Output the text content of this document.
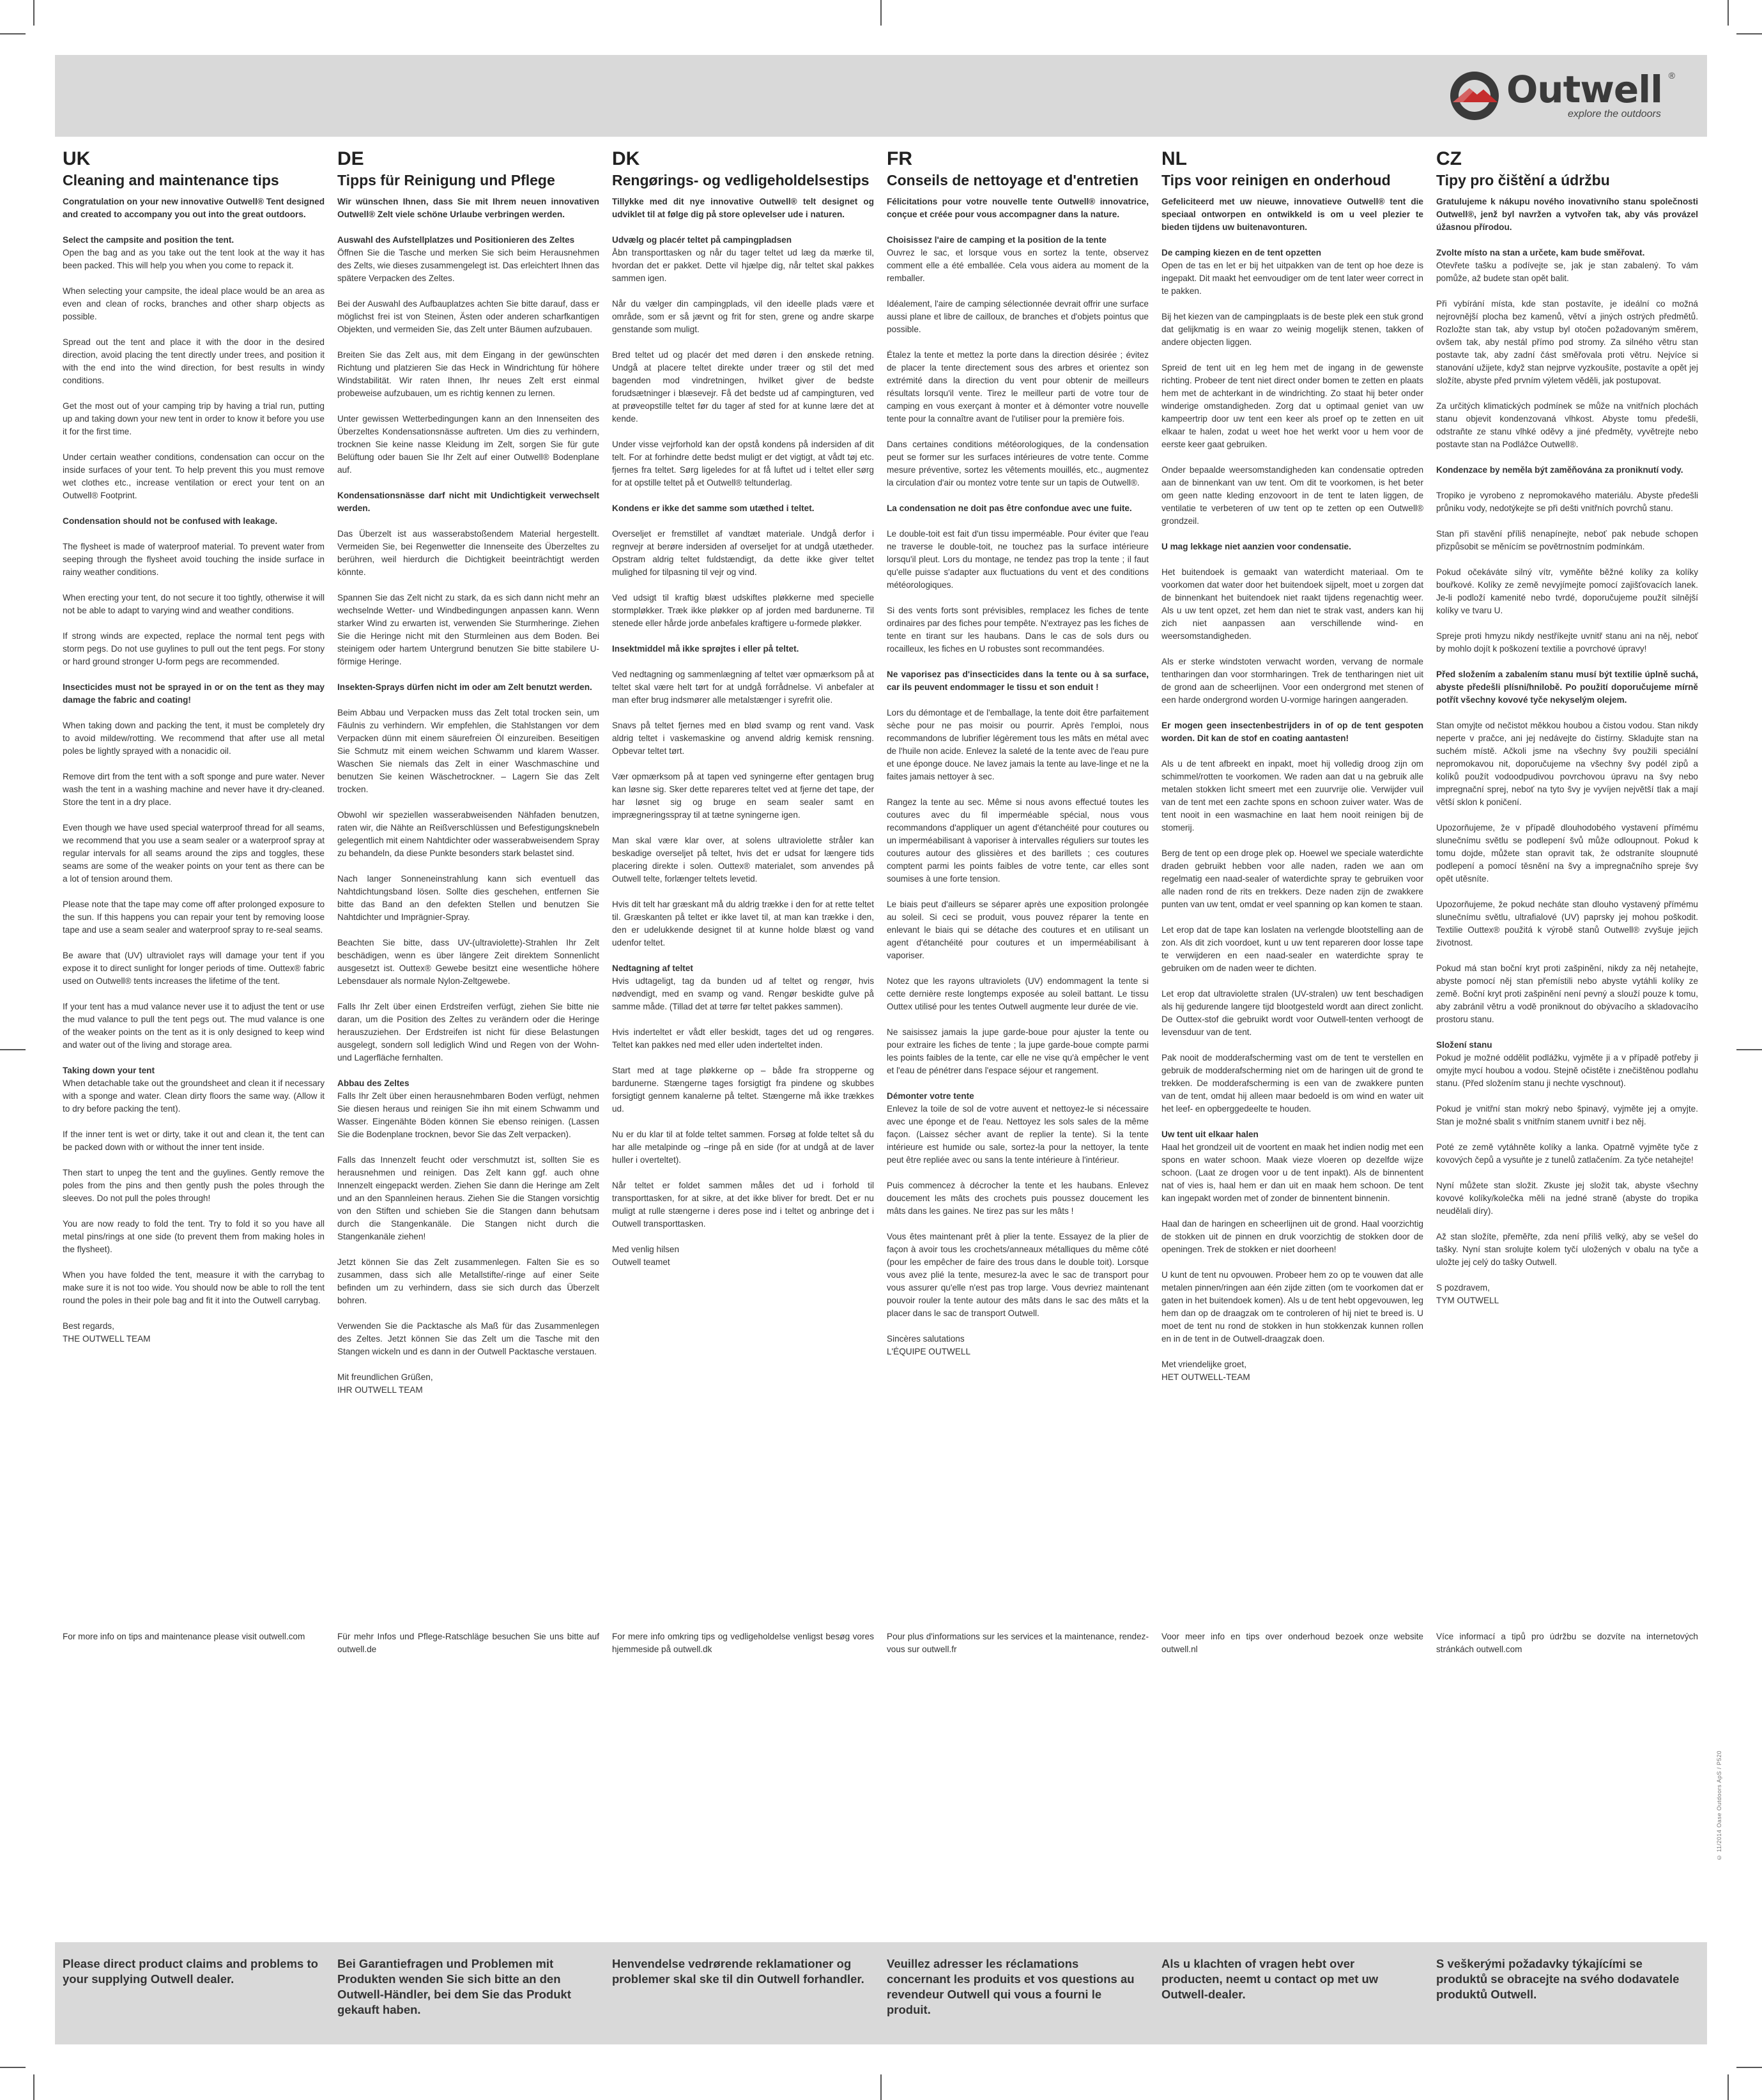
Outwell ®
explore the outdoors
UK
Cleaning and maintenance tips

Congratulation on your new innovative Outwell® Tent designed and created to accompany you out into the great outdoors.

Select the campsite and position the tent.

Open the bag and as you take out the tent look at the way it has been packed. This will help you when you come to repack it.

When selecting your campsite, the ideal place would be an area as even and clean of rocks, branches and other sharp objects as possible.

Spread out the tent and place it with the door in the desired direction, avoid placing the tent directly under trees, and position it with the end into the wind direction, for best results in windy conditions.

Get the most out of your camping trip by having a trial run, putting up and taking down your new tent in order to know it before you use it for the first time.

Under certain weather conditions, condensation can occur on the inside surfaces of your tent. To help prevent this you must remove wet clothes etc., increase ventilation or erect your tent on an Outwell® Footprint.

Condensation should not be confused with leakage.

The flysheet is made of waterproof material. To prevent water from seeping through the flysheet avoid touching the inside surface in rainy weather conditions.

When erecting your tent, do not secure it too tightly, otherwise it will not be able to adapt to varying wind and weather conditions.

If strong winds are expected, replace the normal tent pegs with storm pegs. Do not use guylines to pull out the tent pegs. For stony or hard ground stronger U-form pegs are recommended.

Insecticides must not be sprayed in or on the tent as they may damage the fabric and coating!

When taking down and packing the tent, it must be completely dry to avoid mildew/rotting. We recommend that after use all metal poles be lightly sprayed with a nonacidic oil.

Remove dirt from the tent with a soft sponge and pure water. Never wash the tent in a washing machine and never have it dry-cleaned. Store the tent in a dry place.

Even though we have used special waterproof thread for all seams, we recommend that you use a seam sealer or a waterproof spray at regular intervals for all seams around the zips and toggles, these seams are some of the weaker points on your tent as there can be a lot of tension around them.

Please note that the tape may come off after prolonged exposure to the sun. If this happens you can repair your tent by removing loose tape and use a seam sealer and waterproof spray to re-seal seams.

Be aware that (UV) ultraviolet rays will damage your tent if you expose it to direct sunlight for longer periods of time. Outtex® fabric used on Outwell® tents increases the lifetime of the tent.

If your tent has a mud valance never use it to adjust the tent or use the mud valance to pull the tent pegs out. The mud valance is one of the weaker points on the tent as it is only designed to keep wind and water out of the living and storage area.

Taking down your tent

When detachable take out the groundsheet and clean it if necessary with a sponge and water. Clean dirty floors the same way. (Allow it to dry before packing the tent).

If the inner tent is wet or dirty, take it out and clean it, the tent can be packed down with or without the inner tent inside.

Then start to unpeg the tent and the guylines. Gently remove the poles from the pins and then gently push the poles through the sleeves. Do not pull the poles through!

You are now ready to fold the tent. Try to fold it so you have all metal pins/rings at one side (to prevent them from making holes in the flysheet).

When you have folded the tent, measure it with the carrybag to make sure it is not too wide. You should now be able to roll the tent round the poles in their pole bag and fit it into the Outwell carrybag.

Best regards,
THE OUTWELL TEAM
For more info on tips and maintenance please visit outwell.com
DE
Tipps für Reinigung und Pflege

Wir wünschen Ihnen, dass Sie mit Ihrem neuen innovativen Outwell® Zelt viele schöne Urlaube verbringen werden.

Auswahl des Aufstellplatzes und Positionieren des Zeltes

Öffnen Sie die Tasche und merken Sie sich beim Herausnehmen des Zelts, wie dieses zusammengelegt ist. Das erleichtert Ihnen das spätere Verpacken des Zeltes.

Bei der Auswahl des Aufbauplatzes achten Sie bitte darauf, dass er möglichst frei ist von Steinen, Ästen oder anderen scharfkantigen Objekten, und vermeiden Sie, das Zelt unter Bäumen aufzubauen.

Breiten Sie das Zelt aus, mit dem Eingang in der gewünschten Richtung und platzieren Sie das Heck in Windrichtung für höhere Windstabilität. Wir raten Ihnen, Ihr neues Zelt erst einmal probeweise aufzubauen, um es richtig kennen zu lernen.

Unter gewissen Wetterbedingungen kann an den Innenseiten des Überzeltes Kondensationsnässe auftreten. Um dies zu verhindern, trocknen Sie keine nasse Kleidung im Zelt, sorgen Sie für gute Belüftung oder bauen Sie Ihr Zelt auf einer Outwell® Bodenplane auf.

Kondensationsnässe darf nicht mit Undichtigkeit verwechselt werden.

Das Überzelt ist aus wasserabstoßendem Material hergestellt. Vermeiden Sie, bei Regenwetter die Innenseite des Überzeltes zu berühren, weil hierdurch die Dichtigkeit beeinträchtigt werden könnte.

Spannen Sie das Zelt nicht zu stark, da es sich dann nicht mehr an wechselnde Wetter- und Windbedingungen anpassen kann. Wenn starker Wind zu erwarten ist, verwenden Sie Sturmheringe. Ziehen Sie die Heringe nicht mit den Sturmleinen aus dem Boden. Bei steinigem oder hartem Untergrund benutzen Sie bitte stabilere U-förmige Heringe.

Insekten-Sprays dürfen nicht im oder am Zelt benutzt werden.

Beim Abbau und Verpacken muss das Zelt total trocken sein, um Fäulnis zu verhindern. Wir empfehlen, die Stahlstangen vor dem Verpacken dünn mit einem säurefreien Öl einzureiben. Beseitigen Sie Schmutz mit einem weichen Schwamm und klarem Wasser. Waschen Sie niemals das Zelt in einer Waschmaschine und benutzen Sie keinen Wäschetrockner. – Lagern Sie das Zelt trocken.

Obwohl wir speziellen wasserabweisenden Nähfaden benutzen, raten wir, die Nähte an Reißverschlüssen und Befestigungsknebeln gelegentlich mit einem Nahtdichter oder wasserabweisendem Spray zu behandeln, da diese Punkte besonders stark belastet sind.

Nach langer Sonneneinstrahlung kann sich eventuell das Nahtdichtungsband lösen. Sollte dies geschehen, entfernen Sie bitte das Band an den defekten Stellen und benutzen Sie Nahtdichter und Imprägnier-Spray.

Beachten Sie bitte, dass UV-(ultraviolette)-Strahlen Ihr Zelt beschädigen, wenn es über längere Zeit direktem Sonnenlicht ausgesetzt ist. Outtex® Gewebe besitzt eine wesentliche höhere Lebensdauer als normale Nylon-Zeltgewebe.

Falls Ihr Zelt über einen Erdstreifen verfügt, ziehen Sie bitte nie daran, um die Position des Zeltes zu verändern oder die Heringe herauszuziehen. Der Erdstreifen ist nicht für diese Belastungen ausgelegt, sondern soll lediglich Wind und Regen von der Wohn- und Lagerfläche fernhalten.

Abbau des Zeltes

Falls Ihr Zelt über einen herausnehmbaren Boden verfügt, nehmen Sie diesen heraus und reinigen Sie ihn mit einem Schwamm und Wasser. Eingenähte Böden können Sie ebenso reinigen. (Lassen Sie die Bodenplane trocknen, bevor Sie das Zelt verpacken).

Falls das Innenzelt feucht oder verschmutzt ist, sollten Sie es herausnehmen und reinigen. Das Zelt kann ggf. auch ohne Innenzelt eingepackt werden. Ziehen Sie dann die Heringe am Zelt und an den Spannleinen heraus. Ziehen Sie die Stangen vorsichtig von den Stiften und schieben Sie die Stangen dann behutsam durch die Stangenkanäle. Die Stangen nicht durch die Stangenkanäle ziehen!

Jetzt können Sie das Zelt zusammenlegen. Falten Sie es so zusammen, dass sich alle Metallstifte/-ringe auf einer Seite befinden um zu verhindern, dass sie sich durch das Überzelt bohren.

Verwenden Sie die Packtasche als Maß für das Zusammenlegen des Zeltes. Jetzt können Sie das Zelt um die Tasche mit den Stangen wickeln und es dann in der Outwell Packtasche verstauen.

Mit freundlichen Grüßen,
IHR OUTWELL TEAM
Für mehr Infos und Pflege-Ratschläge besuchen Sie uns bitte auf outwell.de
DK
Rengørings- og vedligeholdelsestips

Tillykke med dit nye innovative Outwell® telt designet og udviklet til at følge dig på store oplevelser ude i naturen.

Udvælg og placér teltet på campingpladsen

Åbn transporttasken og når du tager teltet ud læg da mærke til, hvordan det er pakket. Dette vil hjælpe dig, når teltet skal pakkes sammen igen.

Når du vælger din campingplads, vil den ideelle plads være et område, som er så jævnt og frit for sten, grene og andre skarpe genstande som muligt.

Bred teltet ud og placér det med døren i den ønskede retning. Undgå at placere teltet direkte under træer og stil det med bagenden mod vindretningen, hvilket giver de bedste forudsætninger i blæsevejr. Få det bedste ud af campingturen, ved at prøveopstille teltet før du tager af sted for at kunne lære det at kende.

Under visse vejrforhold kan der opstå kondens på indersiden af dit telt. For at forhindre dette bedst muligt er det vigtigt, at vådt tøj etc. fjernes fra teltet. Sørg ligeledes for at få luftet ud i teltet eller sørg for at opstille teltet på et Outwell® teltunderlag.

Kondens er ikke det samme som utæthed i teltet.

Overseljet er fremstillet af vandtæt materiale. Undgå derfor i regnvejr at berøre indersiden af overseljet for at undgå utætheder. Opstram aldrig teltet fuldstændigt, da dette ikke giver teltet mulighed for tilpasning til vejr og vind.

Ved udsigt til kraftig blæst udskiftes pløkkerne med specielle stormpløkker. Træk ikke pløkker op af jorden med bardunerne. Til stenede eller hårde jorde anbefales kraftigere u-formede pløkker.

Insektmiddel må ikke sprøjtes i eller på teltet.

Ved nedtagning og sammenlægning af teltet vær opmærksom på at teltet skal være helt tørt for at undgå forrådnelse. Vi anbefaler at man efter brug indsmører alle metalstænger i syrefrit olie.

Snavs på teltet fjernes med en blød svamp og rent vand. Vask aldrig teltet i vaskemaskine og anvend aldrig kemisk rensning. Opbevar teltet tørt.

Vær opmærksom på at tapen ved syningerne efter gentagen brug kan løsne sig. Sker dette repareres teltet ved at fjerne det tape, der har løsnet sig og bruge en seam sealer samt en imprægneringsspray til at tætne syningerne igen.

Man skal være klar over, at solens ultraviolette stråler kan beskadige overseljet på teltet, hvis det er udsat for længere tids placering direkte i solen. Outtex® materialet, som anvendes på Outwell telte, forlænger teltets levetid.

Hvis dit telt har græskant må du aldrig trække i den for at rette teltet til. Græskanten på teltet er ikke lavet til, at man kan trække i den, den er udelukkende designet til at kunne holde blæst og vand udenfor teltet.

Nedtagning af teltet

Hvis udtageligt, tag da bunden ud af teltet og rengør, hvis nødvendigt, med en svamp og vand. Rengør beskidte gulve på samme måde. (Tillad det at tørre før teltet pakkes sammen).

Hvis inderteltet er vådt eller beskidt, tages det ud og rengøres. Teltet kan pakkes ned med eller uden inderteltet inden.

Start med at tage pløkkerne op – både fra stropperne og bardunerne. Stængerne tages forsigtigt fra pindene og skubbes forsigtigt gennem kanalerne på teltet. Stængerne må ikke trækkes ud.

Nu er du klar til at folde teltet sammen. Forsøg at folde teltet så du har alle metalpinde og –ringe på en side (for at undgå at de laver huller i overteltet).

Når teltet er foldet sammen måles det ud i forhold til transporttasken, for at sikre, at det ikke bliver for bredt. Det er nu muligt at rulle stængerne i deres pose ind i teltet og anbringe det i Outwell transporttasken.

Med venlig hilsen
Outwell teamet
For mere info omkring tips og vedligeholdelse venligst besøg vores hjemmeside på outwell.dk
FR
Conseils de nettoyage et d'entretien

Félicitations pour votre nouvelle tente Outwell® innovatrice, conçue et créée pour vous accompagner dans la nature.

Choisissez l'aire de camping et la position de la tente

Ouvrez le sac, et lorsque vous en sortez la tente, observez comment elle a été emballée. Cela vous aidera au moment de la remballer.

Idéalement, l'aire de camping sélectionnée devrait offrir une surface aussi plane et libre de cailloux, de branches et d'objets pointus que possible.

Étalez la tente et mettez la porte dans la direction désirée ; évitez de placer la tente directement sous des arbres et orientez son extrémité dans la direction du vent pour obtenir de meilleurs résultats lorsqu'il vente. Tirez le meilleur parti de votre tour de camping en vous exerçant à monter et à démonter votre nouvelle tente pour la connaître avant de l'utiliser pour la première fois.

Dans certaines conditions météorologiques, de la condensation peut se former sur les surfaces intérieures de votre tente. Comme mesure préventive, sortez les vêtements mouillés, etc., augmentez la circulation d'air ou montez votre tente sur un tapis de Outwell®.

La condensation ne doit pas être confondue avec une fuite.

Le double-toit est fait d'un tissu imperméable. Pour éviter que l'eau ne traverse le double-toit, ne touchez pas la surface intérieure lorsqu'il pleut. Lors du montage, ne tendez pas trop la tente ; il faut qu'elle puisse s'adapter aux fluctuations du vent et des conditions météorologiques.

Si des vents forts sont prévisibles, remplacez les fiches de tente ordinaires par des fiches pour tempête. N'extrayez pas les fiches de tente en tirant sur les haubans. Dans le cas de sols durs ou rocailleux, les fiches en U robustes sont recommandées.

Ne vaporisez pas d'insecticides dans la tente ou à sa surface, car ils peuvent endommager le tissu et son enduit !

Lors du démontage et de l'emballage, la tente doit être parfaitement sèche pour ne pas moisir ou pourrir. Après l'emploi, nous recommandons de lubrifier légèrement tous les mâts en métal avec de l'huile non acide. Enlevez la saleté de la tente avec de l'eau pure et une éponge douce. Ne lavez jamais la tente au lave-linge et ne la faites jamais nettoyer à sec.

Rangez la tente au sec. Même si nous avons effectué toutes les coutures avec du fil imperméable spécial, nous vous recommandons d'appliquer un agent d'étanchéité pour coutures ou un imperméabilisant à vaporiser à intervalles réguliers sur toutes les coutures autour des glissières et des barillets ; ces coutures comptent parmi les points faibles de votre tente, car elles sont soumises à une forte tension.

Le biais peut d'ailleurs se séparer après une exposition prolongée au soleil. Si ceci se produit, vous pouvez réparer la tente en enlevant le biais qui se détache des coutures et en utilisant un agent d'étanchéité pour coutures et un imperméabilisant à vaporiser.

Notez que les rayons ultraviolets (UV) endommagent la tente si cette dernière reste longtemps exposée au soleil battant. Le tissu Outtex utilisé pour les tentes Outwell augmente leur durée de vie.

Ne saisissez jamais la jupe garde-boue pour ajuster la tente ou pour extraire les fiches de tente ; la jupe garde-boue compte parmi les points faibles de la tente, car elle ne vise qu'à empêcher le vent et l'eau de pénétrer dans l'espace séjour et rangement.

Démonter votre tente

Enlevez la toile de sol de votre auvent et nettoyez-le si nécessaire avec une éponge et de l'eau. Nettoyez les sols sales de la même façon. (Laissez sécher avant de replier la tente). Si la tente intérieure est humide ou sale, sortez-la pour la nettoyer, la tente peut être repliée avec ou sans la tente intérieure à l'intérieur.

Puis commencez à décrocher la tente et les haubans. Enlevez doucement les mâts des crochets puis poussez doucement les mâts dans les gaines. Ne tirez pas sur les mâts !

Vous êtes maintenant prêt à plier la tente. Essayez de la plier de façon à avoir tous les crochets/anneaux métalliques du même côté (pour les empêcher de faire des trous dans le double toit). Lorsque vous avez plié la tente, mesurez-la avec le sac de transport pour vous assurer qu'elle n'est pas trop large. Vous devriez maintenant pouvoir rouler la tente autour des mâts dans le sac des mâts et la placer dans le sac de transport Outwell.

Sincères salutations
L'ÉQUIPE OUTWELL
Pour plus d'informations sur les services et la maintenance, rendez-vous sur outwell.fr
NL
Tips voor reinigen en onderhoud

Gefeliciteerd met uw nieuwe, innovatieve Outwell® tent die speciaal ontworpen en ontwikkeld is om u veel plezier te bieden tijdens uw buitenavonturen.

De camping kiezen en de tent opzetten

Open de tas en let er bij het uitpakken van de tent op hoe deze is ingepakt. Dit maakt het eenvoudiger om de tent later weer correct in te pakken.

Bij het kiezen van de campingplaats is de beste plek een stuk grond dat gelijkmatig is en waar zo weinig mogelijk stenen, takken of andere objecten liggen.

Spreid de tent uit en leg hem met de ingang in de gewenste richting. Probeer de tent niet direct onder bomen te zetten en plaats hem met de achterkant in de windrichting. Zo staat hij beter onder winderige omstandigheden. Zorg dat u optimaal geniet van uw kampeertrip door uw tent een keer als proef op te zetten en uit elkaar te halen, zodat u weet hoe het werkt voor u hem voor de eerste keer gaat gebruiken.

Onder bepaalde weersomstandigheden kan condensatie optreden aan de binnenkant van uw tent. Om dit te voorkomen, is het beter om geen natte kleding enzovoort in de tent te laten liggen, de ventilatie te verbeteren of uw tent op te zetten op een Outwell® grondzeil.

U mag lekkage niet aanzien voor condensatie.

Het buitendoek is gemaakt van waterdicht materiaal. Om te voorkomen dat water door het buitendoek sijpelt, moet u zorgen dat de binnenkant het buitendoek niet raakt tijdens regenachtig weer. Als u uw tent opzet, zet hem dan niet te strak vast, anders kan hij zich niet aanpassen aan verschillende wind- en weersomstandigheden.

Als er sterke windstoten verwacht worden, vervang de normale tentharingen dan voor stormharingen. Trek de tentharingen niet uit de grond aan de scheerlijnen. Voor een ondergrond met stenen of een harde ondergrond worden U-vormige haringen aangeraden.

Er mogen geen insectenbestrijders in of op de tent gespoten worden. Dit kan de stof en coating aantasten!

Als u de tent afbreekt en inpakt, moet hij volledig droog zijn om schimmel/rotten te voorkomen. We raden aan dat u na gebruik alle metalen stokken licht smeert met een zuurvrije olie. Verwijder vuil van de tent met een zachte spons en schoon zuiver water. Was de tent nooit in een wasmachine en laat hem nooit reinigen bij de stomerij.

Berg de tent op een droge plek op. Hoewel we speciale waterdichte draden gebruikt hebben voor alle naden, raden we aan om regelmatig een naad-sealer of waterdichte spray te gebruiken voor alle naden rond de rits en trekkers. Deze naden zijn de zwakkere punten van uw tent, omdat er veel spanning op kan komen te staan.

Let erop dat de tape kan loslaten na verlengde blootstelling aan de zon. Als dit zich voordoet, kunt u uw tent repareren door losse tape te verwijderen en een naad-sealer en waterdichte spray te gebruiken om de naden weer te dichten.

Let erop dat ultraviolette stralen (UV-stralen) uw tent beschadigen als hij gedurende langere tijd blootgesteld wordt aan direct zonlicht. De Outtex-stof die gebruikt wordt voor Outwell-tenten verhoogt de levensduur van de tent.

Pak nooit de modderafscherming vast om de tent te verstellen en gebruik de modderafscherming niet om de haringen uit de grond te trekken. De modderafscherming is een van de zwakkere punten van de tent, omdat hij alleen maar bedoeld is om wind en water uit het leef- en opberggedeelte te houden.

Uw tent uit elkaar halen

Haal het grondzeil uit de voortent en maak het indien nodig met een spons en water schoon. Maak vieze vloeren op dezelfde wijze schoon. (Laat ze drogen voor u de tent inpakt). Als de binnentent nat of vies is, haal hem er dan uit en maak hem schoon. De tent kan ingepakt worden met of zonder de binnentent binnenin.

Haal dan de haringen en scheerlijnen uit de grond. Haal voorzichtig de stokken uit de pinnen en druk voorzichtig de stokken door de openingen. Trek de stokken er niet doorheen!

U kunt de tent nu opvouwen. Probeer hem zo op te vouwen dat alle metalen pinnen/ringen aan één zijde zitten (om te voorkomen dat er gaten in het buitendoek komen). Als u de tent hebt opgevouwen, leg hem dan op de draagzak om te controleren of hij niet te breed is. U moet de tent nu rond de stokken in hun stokkenzak kunnen rollen en in de tent in de Outwell-draagzak doen.

Met vriendelijke groet,
HET OUTWELL-TEAM
Voor meer info en tips over onderhoud bezoek onze website outwell.nl
CZ
Tipy pro čištění a údržbu

Gratulujeme k nákupu nového inovativního stanu společnosti Outwell®, jenž byl navržen a vytvořen tak, aby vás provázel úžasnou přírodou.

Zvolte místo na stan a určete, kam bude směřovat.

Otevřete tašku a podívejte se, jak je stan zabalený. To vám pomůže, až budete stan opět balit.

Při vybírání místa, kde stan postavíte, je ideální co možná nejrovnější plocha bez kamenů, větví a jiných ostrých předmětů. Rozložte stan tak, aby vstup byl otočen požadovaným směrem, ovšem tak, aby nestál přímo pod stromy. Za silného větru stan postavte tak, aby zadní část směřovala proti větru. Nejvíce si stanování užijete, když stan nejprve vyzkoušíte, postavíte a opět jej složíte, abyste před prvním výletem věděli, jak postupovat.

Za určitých klimatických podmínek se může na vnitřních plochách stanu objevit kondenzovaná vlhkost. Abyste tomu předešli, odstraňte ze stanu vlhké oděvy a jiné předměty, vyvětrejte nebo postavte stan na Podlážce Outwell®.

Kondenzace by neměla být zaměňována za proniknutí vody.

Tropiko je vyrobeno z nepromokavého materiálu. Abyste předešli průniku vody, nedotýkejte se při dešti vnitřních povrchů stanu.

Stan při stavění příliš nenapínejte, neboť pak nebude schopen přizpůsobit se měnícím se povětrnostním podmínkám.

Pokud očekáváte silný vítr, vyměňte běžné kolíky za kolíky bouřkové. Kolíky ze země nevyjímejte pomocí zajišťovacích lanek. Je-li podloží kamenité nebo tvrdé, doporučujeme použít silnější kolíky ve tvaru U.

Spreje proti hmyzu nikdy nestříkejte uvnitř stanu ani na něj, neboť by mohlo dojít k poškození textilie a povrchové úpravy!

Před složením a zabalením stanu musí být textilie úplně suchá, abyste předešli plísni/hnilobě. Po použití doporučujeme mírně potřít všechny kovové tyče nekyselým olejem.

Stan omyjte od nečistot měkkou houbou a čistou vodou. Stan nikdy neperte v pračce, ani jej nedávejte do čistírny. Skladujte stan na suchém místě. Ačkoli jsme na všechny švy použili speciální nepromokavou nit, doporučujeme na všechny švy podél zipů a kolíků použít vodoodpudivou povrchovou úpravu na švy nebo impregnační sprej, neboť na tyto švy je vyvíjen největší tlak a mají větší sklon k poničení.

Upozorňujeme, že v případě dlouhodobého vystavení přímému slunečnímu světlu se podlepení švů může odloupnout. Pokud k tomu dojde, můžete stan opravit tak, že odstraníte sloupnuté podlepení a pomocí těsnění na švy a impregnačního spreje švy opět utěsníte.

Upozorňujeme, že pokud necháte stan dlouho vystavený přímému slunečnímu světlu, ultrafialové (UV) paprsky jej mohou poškodit. Textilie Outtex® použitá k výrobě stanů Outwell® zvyšuje jejich životnost.

Pokud má stan boční kryt proti zašpinění, nikdy za něj netahejte, abyste pomocí něj stan přemístili nebo abyste vytáhli kolíky ze země. Boční kryt proti zašpinění není pevný a slouží pouze k tomu, aby zabránil větru a vodě proniknout do obývacího a skladovacího prostoru stanu.

Složení stanu

Pokud je možné oddělit podlážku, vyjměte ji a v případě potřeby ji omyjte mycí houbou a vodou. Stejně očistěte i znečištěnou podlahu stanu. (Před složením stanu ji nechte vyschnout).

Pokud je vnitřní stan mokrý nebo špinavý, vyjměte jej a omyjte. Stan je možné sbalit s vnitřním stanem uvnitř i bez něj.

Poté ze země vytáhněte kolíky a lanka. Opatrně vyjměte tyče z kovových čepů a vysuňte je z tunelů zatlačením. Za tyče netahejte!

Nyní můžete stan složit. Zkuste jej složit tak, abyste všechny kovové kolíky/kolečka měli na jedné straně (abyste do tropika neudělali díry).

Až stan složíte, přeměřte, zda není příliš velký, aby se vešel do tašky. Nyní stan srolujte kolem tyčí uložených v obalu na tyče a uložte jej celý do tašky Outwell.

S pozdravem,
TYM OUTWELL
Více informací a tipů pro údržbu se dozvíte na internetových stránkách outwell.com
Please direct product claims and problems to your supplying Outwell dealer.
Bei Garantiefragen und Problemen mit Produkten wenden Sie sich bitte an den Outwell-Händler, bei dem Sie das Produkt gekauft haben.
Henvendelse vedrørende reklamationer og problemer skal ske til din Outwell forhandler.
Veuillez adresser les réclamations concernant les produits et vos questions au revendeur Outwell qui vous a fourni le produit.
Als u klachten of vragen hebt over producten, neemt u contact op met uw Outwell-dealer.
S veškerými požadavky týkajícími se produktů se obracejte na svého dodavatele produktů Outwell.
© 11/2014 Oase Outdoors ApS / P520
